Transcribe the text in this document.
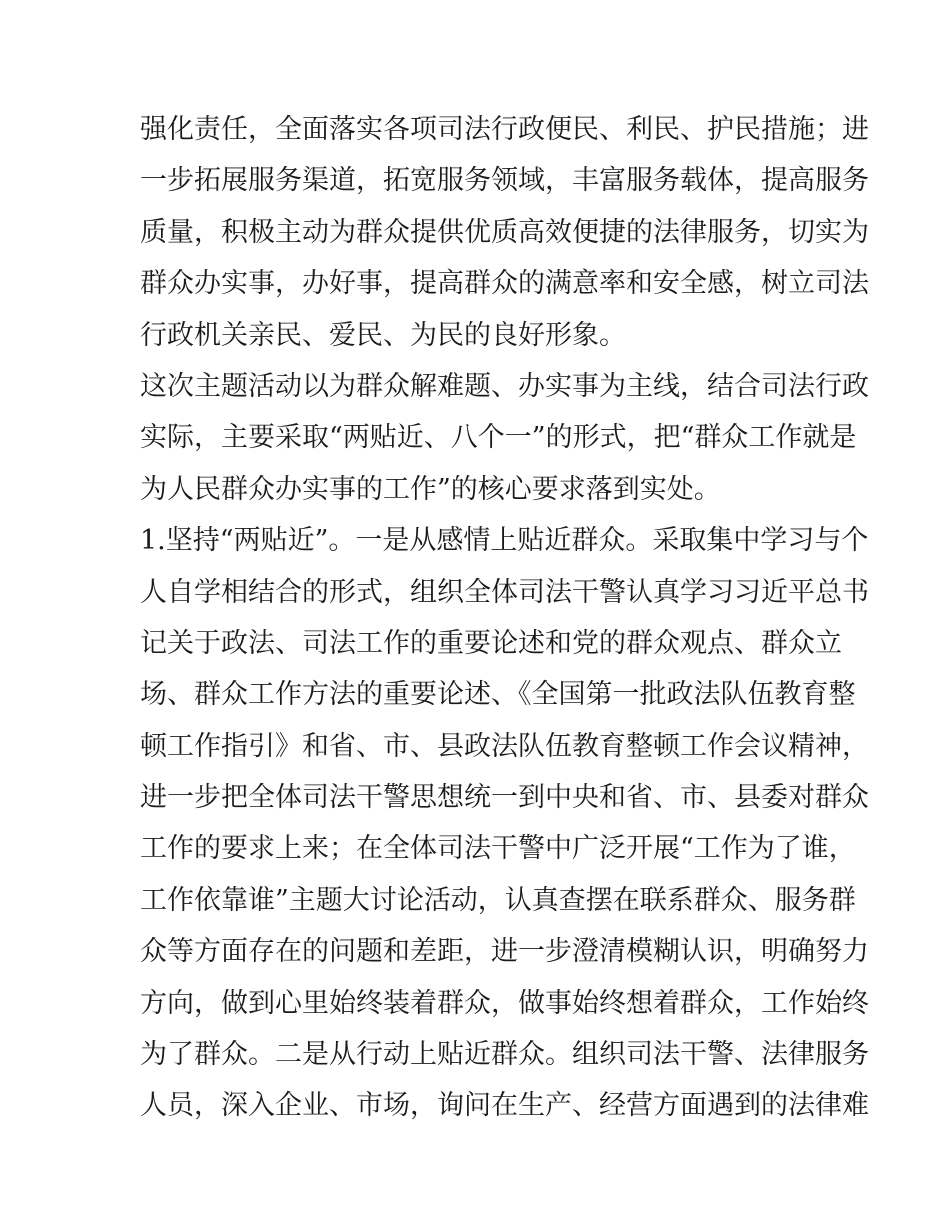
强化责任，全面落实各项司法行政便民、利民、护民措施；进
一步拓展服务渠道，拓宽服务领域，丰富服务载体，提高服务
质量，积极主动为群众提供优质高效便捷的法律服务，切实为
群众办实事，办好事，提高群众的满意率和安全感，树立司法
行政机关亲民、爱民、为民的良好形象。
这次主题活动以为群众解难题、办实事为主线，结合司法行政
实际，主要采取“两贴近、八个一”的形式，把“群众工作就是
为人民群众办实事的工作”的核心要求落到实处。
1.坚持“两贴近”。一是从感情上贴近群众。采取集中学习与个
人自学相结合的形式，组织全体司法干警认真学习习近平总书
记关于政法、司法工作的重要论述和党的群众观点、群众立
场、群众工作方法的重要论述、《全国第一批政法队伍教育整
顿工作指引》和省、市、县政法队伍教育整顿工作会议精神，
进一步把全体司法干警思想统一到中央和省、市、县委对群众
工作的要求上来；在全体司法干警中广泛开展“工作为了谁，
工作依靠谁”主题大讨论活动，认真查摆在联系群众、服务群
众等方面存在的问题和差距，进一步澄清模糊认识，明确努力
方向，做到心里始终装着群众，做事始终想着群众，工作始终
为了群众。二是从行动上贴近群众。组织司法干警、法律服务
人员，深入企业、市场，询问在生产、经营方面遇到的法律难
